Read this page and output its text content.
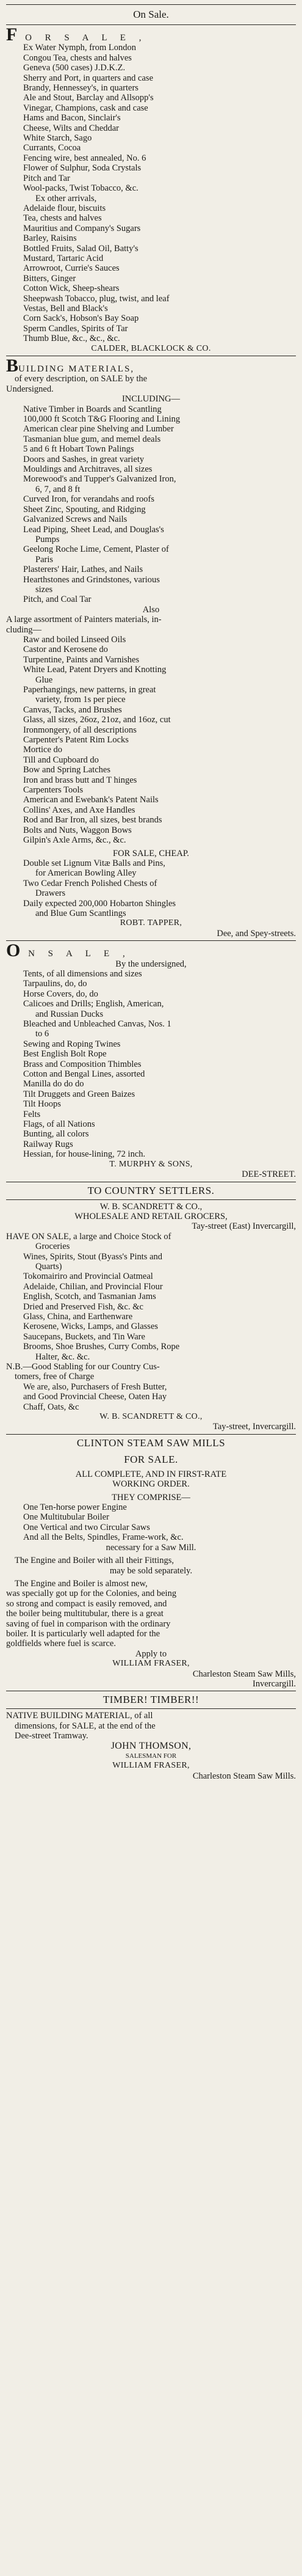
On Sale.
F O R S A L E ,
Ex Water Nymph, from London
Congou Tea, chests and halves
Geneva (500 cases) J.D.K.Z.
Sherry and Port, in quarters and case
Brandy, Hennessey's, in quarters
Ale and Stout, Barclay and Allsopp's
Vinegar, Champions, cask and case
Hams and Bacon, Sinclair's
Cheese, Wilts and Cheddar
White Starch, Sago
Currants, Cocoa
Fencing wire, best annealed, No. 6
Flower of Sulphur, Soda Crystals
Pitch and Tar
Wool-packs, Twist Tobacco, &c.
Ex other arrivals,
Adelaide flour, biscuits
Tea, chests and halves
Mauritius and Company's Sugars
Barley, Raisins
Bottled Fruits, Salad Oil, Batty's
Mustard, Tartaric Acid
Arrowroot, Currie's Sauces
Bitters, Ginger
Cotton Wick, Sheep-shears
Sheepwash Tobacco, plug, twist, and leaf
Vestas, Bell and Black's
Corn Sack's, Hobson's Bay Soap
Sperm Candles, Spirits of Tar
Thumb Blue, &c., &c., &c.
CALDER, BLACKLOCK & CO.
BUILDING MATERIALS,
of every description, on SALE by the
Undersigned.
INCLUDING—
Native Timber in Boards and Scantling
100,000 ft Scotch T&G Flooring and Lining
American clear pine Shelving and Lumber
Tasmanian blue gum, and memel deals
5 and 6 ft Hobart Town Palings
Doors and Sashes, in great variety
Mouldings and Architraves, all sizes
Morewood's and Tupper's Galvanized Iron,
6, 7, and 8 ft
Curved Iron, for verandahs and roofs
Sheet Zinc, Spouting, and Ridging
Galvanized Screws and Nails
Lead Piping, Sheet Lead, and Douglas's
Pumps
Geelong Roche Lime, Cement, Plaster of
Paris
Plasterers' Hair, Lathes, and Nails
Hearthstones and Grindstones, various
sizes
Pitch, and Coal Tar
Also
A large assortment of Painters materials, in-
cluding—
Raw and boiled Linseed Oils
Castor and Kerosene do
Turpentine, Paints and Varnishes
White Lead, Patent Dryers and Knotting
Glue
Paperhangings, new patterns, in great
variety, from 1s per piece
Canvas, Tacks, and Brushes
Glass, all sizes, 26oz, 21oz, and 16oz, cut
Ironmongery, of all descriptions
Carpenter's Patent Rim Locks
Mortice do
Till and Cupboard do
Bow and Spring Latches
Iron and brass butt and T hinges
Carpenters Tools
American and Ewebank's Patent Nails
Collins' Axes, and Axe Handles
Rod and Bar Iron, all sizes, best brands
Bolts and Nuts, Waggon Bows
Gilpin's Axle Arms, &c., &c.
FOR SALE, CHEAP.
Double set Lignum Vitæ Balls and Pins,
for American Bowling Alley
Two Cedar French Polished Chests of
Drawers
Daily expected 200,000 Hobarton Shingles
and Blue Gum Scantlings
ROBT. TAPPER,
Dee, and Spey-streets.
O N S A L E ,
By the undersigned,
Tents, of all dimensions and sizes
Tarpaulins, do, do
Horse Covers, do, do
Calicoes and Drills; English, American,
and Russian Ducks
Bleached and Unbleached Canvas, Nos. 1
to 6
Sewing and Roping Twines
Best English Bolt Rope
Brass and Composition Thimbles
Cotton and Bengal Lines, assorted
Manilla do do do
Tilt Druggets and Green Baizes
Tilt Hoops
Felts
Flags, of all Nations
Bunting, all colors
Railway Rugs
Hessian, for house-lining, 72 inch.
T. MURPHY & SONS,
DEE-STREET.
TO COUNTRY SETTLERS.
W. B. SCANDRETT & CO.,
WHOLESALE AND RETAIL GROCERS,
Tay-street (East) Invercargill,
HAVE ON SALE, a large and Choice Stock of
Groceries
Wines, Spirits, Stout (Byass's Pints and
Quarts)
Tokomairiro and Provincial Oatmeal
Adelaide, Chilian, and Provincial Flour
English, Scotch, and Tasmanian Jams
Dried and Preserved Fish, &c. &c
Glass, China, and Earthenware
Kerosene, Wicks, Lamps, and Glasses
Saucepans, Buckets, and Tin Ware
Brooms, Shoe Brushes, Curry Combs, Rope
Halter, &c. &c.
N.B.—Good Stabling for our Country Cus-
tomers, free of Charge
We are, also, Purchasers of Fresh Butter,
and Good Provincial Cheese, Oaten Hay
Chaff, Oats, &c
W. B. SCANDRETT & CO.,
Tay-street, Invercargill.
CLINTON STEAM SAW MILLS
FOR SALE.
ALL COMPLETE, AND IN FIRST-RATE
WORKING ORDER.
THEY COMPRISE—
One Ten-horse power Engine
One Multitubular Boiler
One Vertical and two Circular Saws
And all the Belts, Spindles, Frame-work, &c.
necessary for a Saw Mill.
The Engine and Boiler with all their Fittings,
may be sold separately.
The Engine and Boiler is almost new,
was specially got up for the Colonies, and being
so strong and compact is easily removed, and
the boiler being multitubular, there is a great
saving of fuel in comparison with the ordinary
boiler. It is particularly well adapted for the
goldfields where fuel is scarce.
Apply to
WILLIAM FRASER,
Charleston Steam Saw Mills,
Invercargill.
TIMBER! TIMBER!!
NATIVE BUILDING MATERIAL, of all
dimensions, for SALE, at the end of the
Dee-street Tramway.
JOHN THOMSON,
SALESMAN FOR
WILLIAM FRASER,
Charleston Steam Saw Mills.
